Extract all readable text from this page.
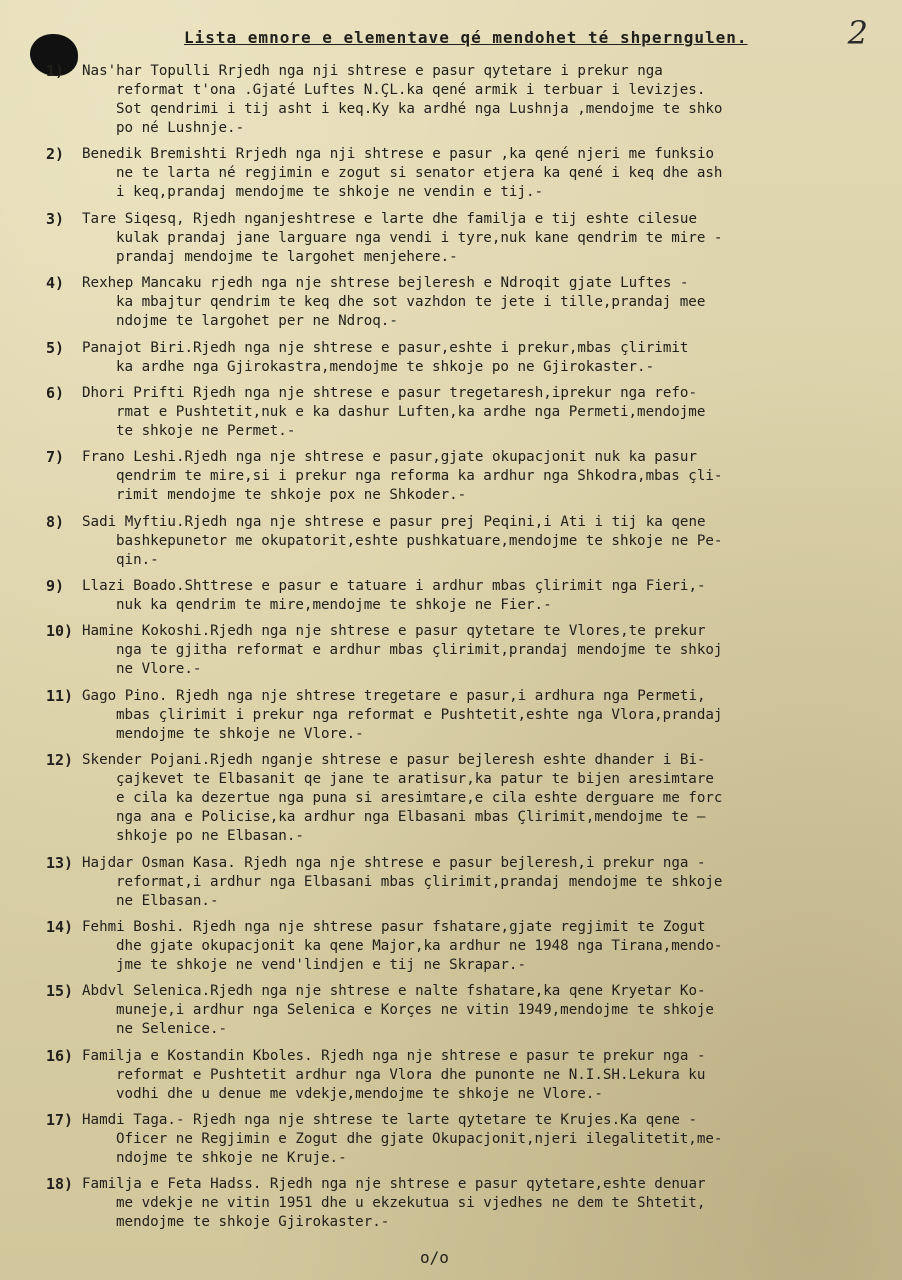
2
Lista emnore e elementave qé mendohet té shperngulen.
1)	Nas'har Topulli Rrjedh nga nji shtrese e pasur qytetare i prekur nga
reformat t'ona .Gjaté Luftes N.ÇL.ka qené armik i terbuar i levizjes.
Sot qendrimi i tij asht i keq.Ky ka ardhé nga Lushnja ,mendojme te shko
po né Lushnje.-
2)	Benedik Bremishti Rrjedh nga nji shtrese e pasur ,ka qené njeri me funksio
ne te larta né regjimin e zogut si senator etjera ka qené i keq dhe ash
i keq,prandaj mendojme te shkoje ne vendin e tij.-
3)	Tare Siqesq, Rjedh nganjeshtrese e larte dhe familja e tij eshte cilesue
kulak prandaj jane larguare nga vendi i tyre,nuk kane qendrim te mire -
prandaj mendojme te largohet menjehere.-
4)	Rexhep Mancaku rjedh nga nje shtrese bejleresh e Ndroqit gjate Luftes -
ka mbajtur qendrim te keq dhe sot vazhdon te jete i tille,prandaj mee
ndojme te largohet per ne Ndroq.-
5)	Panajot Biri.Rjedh nga nje shtrese e pasur,eshte i prekur,mbas çlirimit
ka ardhe nga Gjirokastra,mendojme te shkoje po ne Gjirokaster.-
6)	Dhori Prifti Rjedh nga nje shtrese e pasur tregetaresh,iprekur nga refo-
rmat e Pushtetit,nuk e ka dashur Luften,ka ardhe nga Permeti,mendojme
te shkoje ne Permet.-
7)	Frano Leshi.Rjedh nga nje shtrese e pasur,gjate okupacjonit nuk ka pasur
qendrim te mire,si i prekur nga reforma ka ardhur nga Shkodra,mbas çli-
rimit mendojme te shkoje pox ne Shkoder.-
8)	Sadi Myftiu.Rjedh nga nje shtrese e pasur prej Peqini,i Ati i tij ka qene
bashkepunetor me okupatorit,eshte pushkatuare,mendojme te shkoje ne Pe-
qin.-
9)	Llazi Boado.Shttrese e pasur e tatuare i ardhur mbas çlirimit nga Fieri,-
nuk ka qendrim te mire,mendojme te shkoje ne Fier.-
10) Hamine Kokoshi.Rjedh nga nje shtrese e pasur qytetare te Vlores,te prekur
nga te gjitha reformat e ardhur mbas çlirimit,prandaj mendojme te shkoj
ne Vlore.-
11) Gago Pino. Rjedh nga nje shtrese tregetare e pasur,i ardhura nga Permeti,
mbas çlirimit i prekur nga reformat e Pushtetit,eshte nga Vlora,prandaj
mendojme te shkoje ne Vlore.-
12) Skender Pojani.Rjedh nganje shtrese e pasur bejleresh eshte dhander i Bi-
çajkevet te Elbasanit qe jane te aratisur,ka patur te bijen aresimtare
e cila ka dezertue nga puna si aresimtare,e cila eshte derguare me forc
nga ana e Policise,ka ardhur nga Elbasani mbas Çlirimit,mendojme te —
shkoje po ne Elbasan.-
13) Hajdar Osman Kasa. Rjedh nga nje shtrese e pasur bejleresh,i prekur nga -
reformat,i ardhur nga Elbasani mbas çlirimit,prandaj mendojme te shkoje
ne Elbasan.-
14) Fehmi Boshi. Rjedh nga nje shtrese pasur fshatare,gjate regjimit te Zogut
dhe gjate okupacjonit ka qene Major,ka ardhur ne 1948 nga Tirana,mendo-
jme te shkoje ne vend'lindjen e tij ne Skrapar.-
15) Abdvl Selenica.Rjedh nga nje shtrese e nalte fshatare,ka qene Kryetar Ko-
muneje,i ardhur nga Selenica e Korçes ne vitin 1949,mendojme te shkoje
ne Selenice.-
16) Familja e Kostandin Kboles. Rjedh nga nje shtrese e pasur te prekur nga -
reformat e Pushtetit ardhur nga Vlora dhe punonte ne N.I.SH.Lekura ku
vodhi dhe u denue me vdekje,mendojme te shkoje ne Vlore.-
17) Hamdi Taga.- Rjedh nga nje shtrese te larte qytetare te Krujes.Ka qene -
Oficer ne Regjimin e Zogut dhe gjate Okupacjonit,njeri ilegalitetit,me-
ndojme te shkoje ne Kruje.-
18) Familja e Feta Hadss. Rjedh nga nje shtrese e pasur qytetare,eshte denuar
me vdekje ne vitin 1951 dhe u ekzekutua si vjedhes ne dem te Shtetit,
mendojme te shkoje Gjirokaster.-
o/o
